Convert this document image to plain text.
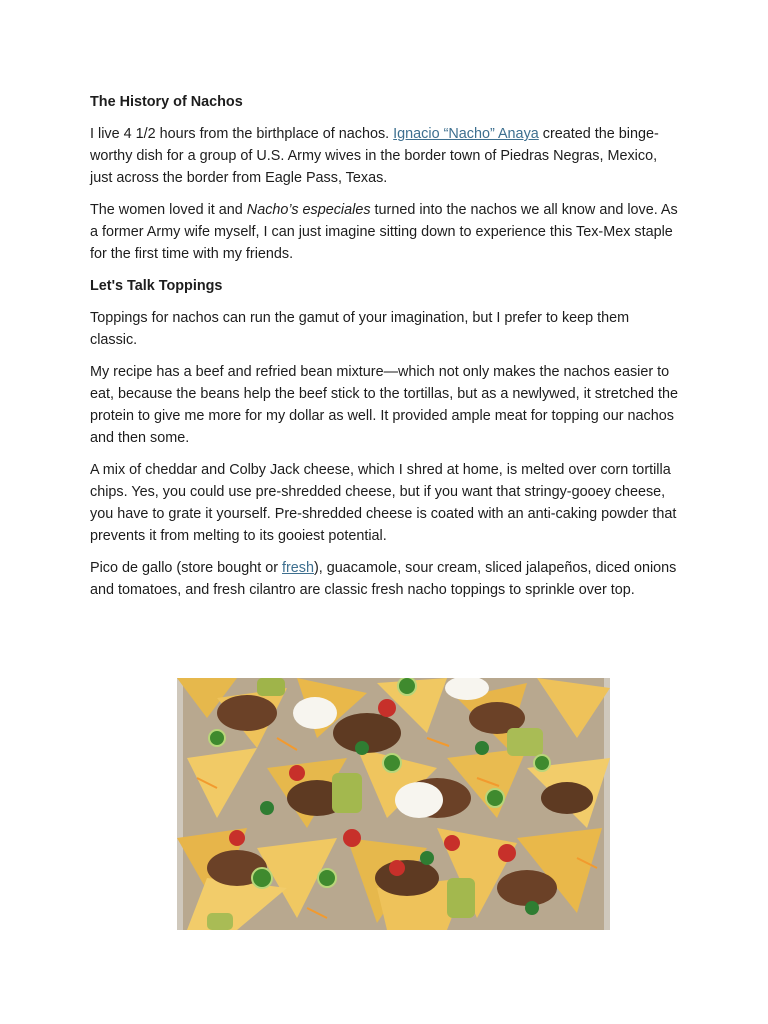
The History of Nachos

I live 4 1/2 hours from the birthplace of nachos. Ignacio “Nacho” Anaya created the binge-worthy dish for a group of U.S. Army wives in the border town of Piedras Negras, Mexico, just across the border from Eagle Pass, Texas.

The women loved it and Nacho’s especiales turned into the nachos we all know and love. As a former Army wife myself, I can just imagine sitting down to experience this Tex-Mex staple for the first time with my friends.

Let's Talk Toppings

Toppings for nachos can run the gamut of your imagination, but I prefer to keep them classic.

My recipe has a beef and refried bean mixture—which not only makes the nachos easier to eat, because the beans help the beef stick to the tortillas, but as a newlywed, it stretched the protein to give me more for my dollar as well. It provided ample meat for topping our nachos and then some.

A mix of cheddar and Colby Jack cheese, which I shred at home, is melted over corn tortilla chips. Yes, you could use pre-shredded cheese, but if you want that stringy-gooey cheese, you have to grate it yourself. Pre-shredded cheese is coated with an anti-caking powder that prevents it from melting to its gooiest potential.

Pico de gallo (store bought or fresh), guacamole, sour cream, sliced jalapeños, diced onions and tomatoes, and fresh cilantro are classic fresh nacho toppings to sprinkle over top.
